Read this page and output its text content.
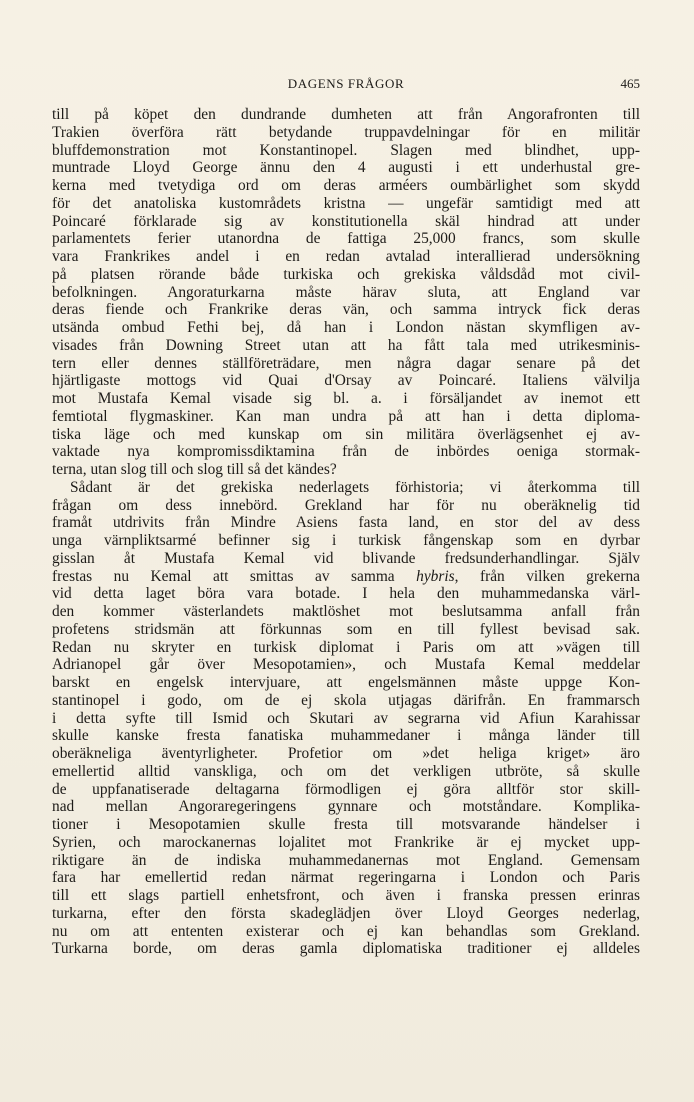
DAGENS FRÅGOR	465
till på köpet den dundrande dumheten att från Angorafronten till
Trakien överföra rätt betydande truppavdelningar för en militär
bluffdemonstration mot Konstantinopel. Slagen med blindhet, upp-
muntrade Lloyd George ännu den 4 augusti i ett underhustal gre-
kerna med tvetydiga ord om deras arméers oumbärlighet som skydd
för det anatoliska kustområdets kristna — ungefär samtidigt med att
Poincaré förklarade sig av konstitutionella skäl hindrad att under
parlamentets ferier utanordna de fattiga 25,000 francs, som skulle
vara Frankrikes andel i en redan avtalad interallierad undersökning
på platsen rörande både turkiska och grekiska våldsdåd mot civil-
befolkningen. Angoraturkarna måste härav sluta, att England var
deras fiende och Frankrike deras vän, och samma intryck fick deras
utsända ombud Fethi bej, då han i London nästan skymfligen av-
visades från Downing Street utan att ha fått tala med utrikesminis-
tern eller dennes ställföreträdare, men några dagar senare på det
hjärtligaste mottogs vid Quai d'Orsay av Poincaré. Italiens välvilja
mot Mustafa Kemal visade sig bl. a. i försäljandet av inemot ett
femtiotal flygmaskiner. Kan man undra på att han i detta diploma-
tiska läge och med kunskap om sin militära överlägsenhet ej av-
vaktade nya kompromissdiktamina från de inbördes oeniga stormak-
terna, utan slog till och slog till så det kändes?
Sådant är det grekiska nederlagets förhistoria; vi återkomma till
frågan om dess innebörd. Grekland har för nu oberäknelig tid
framåt utdrivits från Mindre Asiens fasta land, en stor del av dess
unga värnpliktsarmé befinner sig i turkisk fångenskap som en dyrbar
gisslan åt Mustafa Kemal vid blivande fredsunderhandlingar. Själv
frestas nu Kemal att smittas av samma hybris, från vilken grekerna
vid detta laget böra vara botade. I hela den muhammedanska värl-
den kommer västerlandets maktlöshet mot beslutsamma anfall från
profetens stridsmän att förkunnas som en till fyllest bevisad sak.
Redan nu skryter en turkisk diplomat i Paris om att »vägen till
Adrianopel går över Mesopotamien», och Mustafa Kemal meddelar
barskt en engelsk intervjuare, att engelsmännen måste uppge Kon-
stantinopel i godo, om de ej skola utjagas därifrån. En frammarsch
i detta syfte till Ismid och Skutari av segrarna vid Afiun Karahissar
skulle kanske fresta fanatiska muhammedaner i många länder till
oberäkneliga äventyrligheter. Profetior om »det heliga kriget» äro
emellertid alltid vanskliga, och om det verkligen utbröte, så skulle
de uppfanatiserade deltagarna förmodligen ej göra alltför stor skill-
nad mellan Angoraregeringens gynnare och motståndare. Komplika-
tioner i Mesopotamien skulle fresta till motsvarande händelser i
Syrien, och marockanernas lojalitet mot Frankrike är ej mycket upp-
riktigare än de indiska muhammedanernas mot England. Gemensam
fara har emellertid redan närmat regeringarna i London och Paris
till ett slags partiell enhetsfront, och även i franska pressen erinras
turkarna, efter den första skadeglädjen över Lloyd Georges nederlag,
nu om att ententen existerar och ej kan behandlas som Grekland.
Turkarna borde, om deras gamla diplomatiska traditioner ej alldeles
